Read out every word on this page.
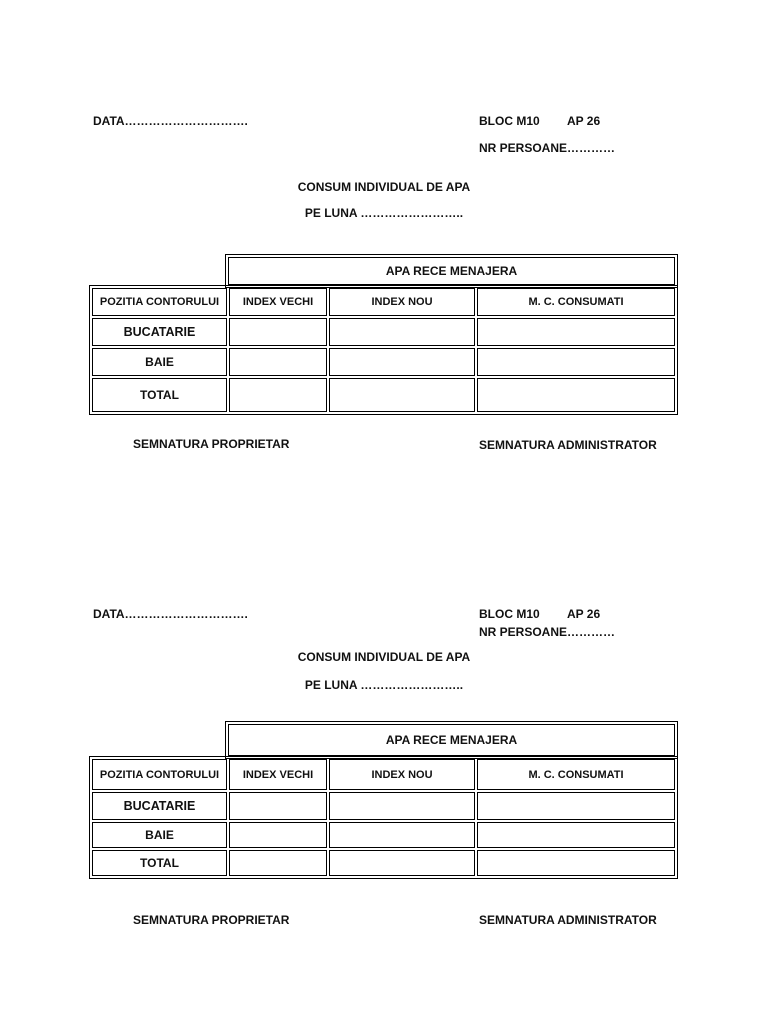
DATA………………………….	BLOC M10 AP 26
NR PERSOANE…………
CONSUM INDIVIDUAL DE APA
PE LUNA ……………………..
APA RECE MENAJERA
POZITIA CONTORULUI	INDEX VECHI	INDEX NOU	M. C. CONSUMATI
BUCATARIE			
BAIE			
TOTAL			
SEMNATURA PROPRIETAR	SEMNATURA ADMINISTRATOR
DATA………………………….	BLOC M10 AP 26
NR PERSOANE…………
CONSUM INDIVIDUAL DE APA
PE LUNA ……………………..
APA RECE MENAJERA
POZITIA CONTORULUI	INDEX VECHI	INDEX NOU	M. C. CONSUMATI
BUCATARIE			
BAIE			
TOTAL			
SEMNATURA PROPRIETAR	SEMNATURA ADMINISTRATOR
